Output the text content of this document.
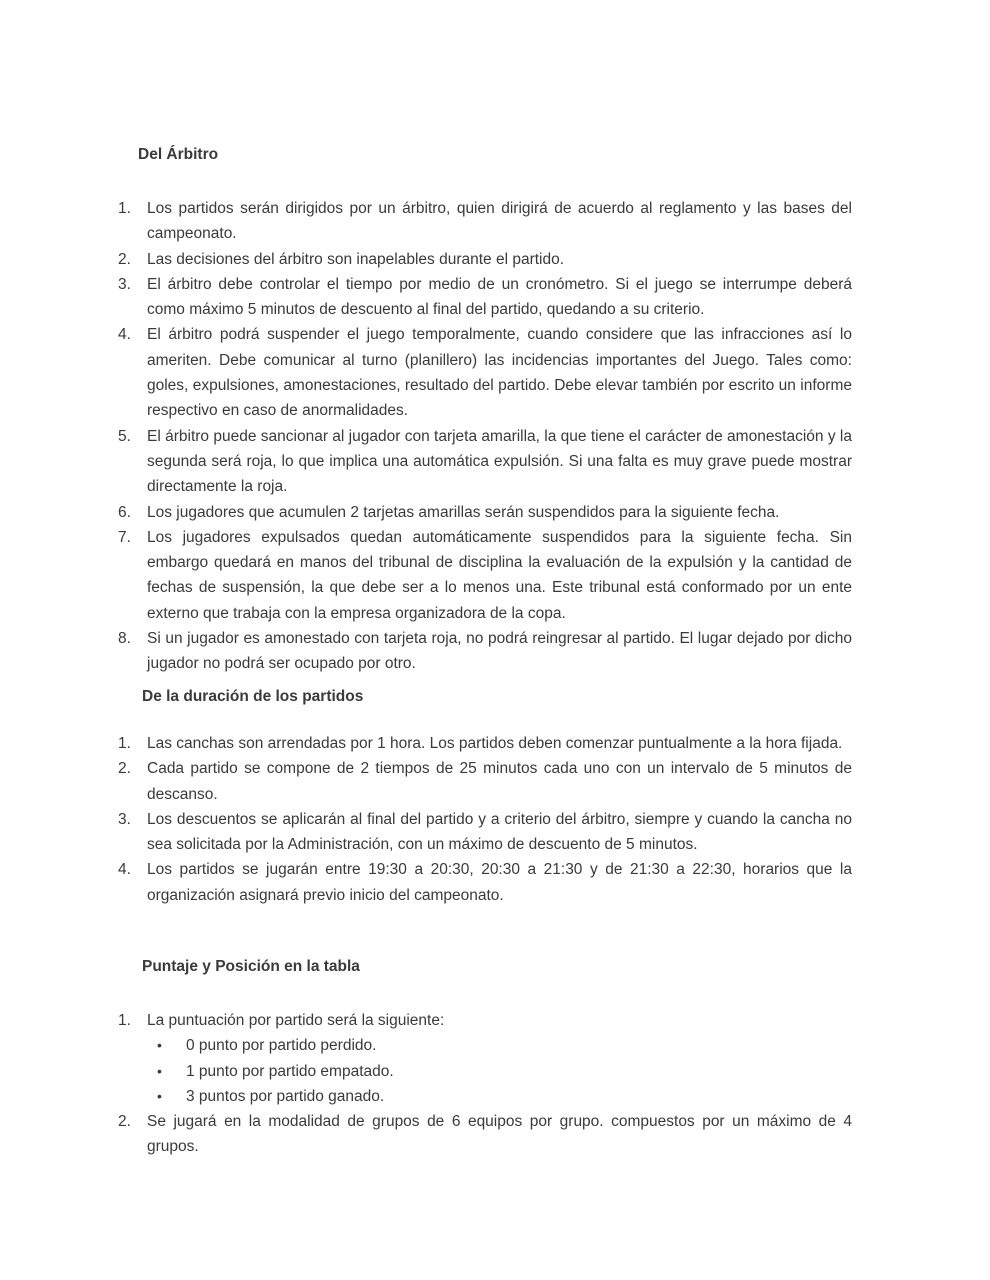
Del Árbitro
1.	Los partidos serán dirigidos por un árbitro, quien dirigirá de acuerdo al reglamento y las bases del campeonato.
2.	Las decisiones del árbitro son inapelables durante el partido.
3.	El árbitro debe controlar el tiempo por medio de un cronómetro. Si el juego se interrumpe deberá como máximo 5 minutos de descuento al final del partido, quedando a su criterio.
4.	El árbitro podrá suspender el juego temporalmente, cuando considere que las infracciones así lo ameriten. Debe comunicar al turno (planillero) las incidencias importantes del Juego. Tales como: goles, expulsiones, amonestaciones, resultado del partido. Debe elevar también por escrito un informe respectivo en caso de anormalidades.
5.	El árbitro puede sancionar al jugador con tarjeta amarilla, la que tiene el carácter de amonestación y la segunda será roja, lo que implica una automática expulsión. Si una falta es muy grave puede mostrar directamente la roja.
6.	Los jugadores que acumulen 2 tarjetas amarillas serán suspendidos para la siguiente fecha.
7.	Los jugadores expulsados quedan automáticamente suspendidos para la siguiente fecha. Sin embargo quedará en manos del tribunal de disciplina la evaluación de la expulsión y la cantidad de fechas de suspensión, la que debe ser a lo menos una. Este tribunal está conformado por un ente externo que trabaja con la empresa organizadora de la copa.
8.	Si un jugador es amonestado con tarjeta roja, no podrá reingresar al partido. El lugar dejado por dicho jugador no podrá ser ocupado por otro.
De la duración de los partidos
1.	Las canchas son arrendadas por 1 hora. Los partidos deben comenzar puntualmente a la hora fijada.
2.	Cada partido se compone de 2 tiempos de 25 minutos cada uno con un intervalo de 5 minutos de descanso.
3.	Los descuentos se aplicarán al final del partido y a criterio del árbitro, siempre y cuando la cancha no sea solicitada por la Administración, con un máximo de descuento de 5 minutos.
4.	Los partidos se jugarán entre 19:30 a 20:30, 20:30 a 21:30 y de 21:30 a 22:30, horarios que la organización asignará previo inicio del campeonato.
Puntaje y Posición en la tabla
1.	La puntuación por partido será la siguiente:
• 0 punto por partido perdido.
• 1 punto por partido empatado.
• 3 puntos por partido ganado.
2.	Se jugará en la modalidad de grupos de 6 equipos por grupo. compuestos por un máximo de 4 grupos.
